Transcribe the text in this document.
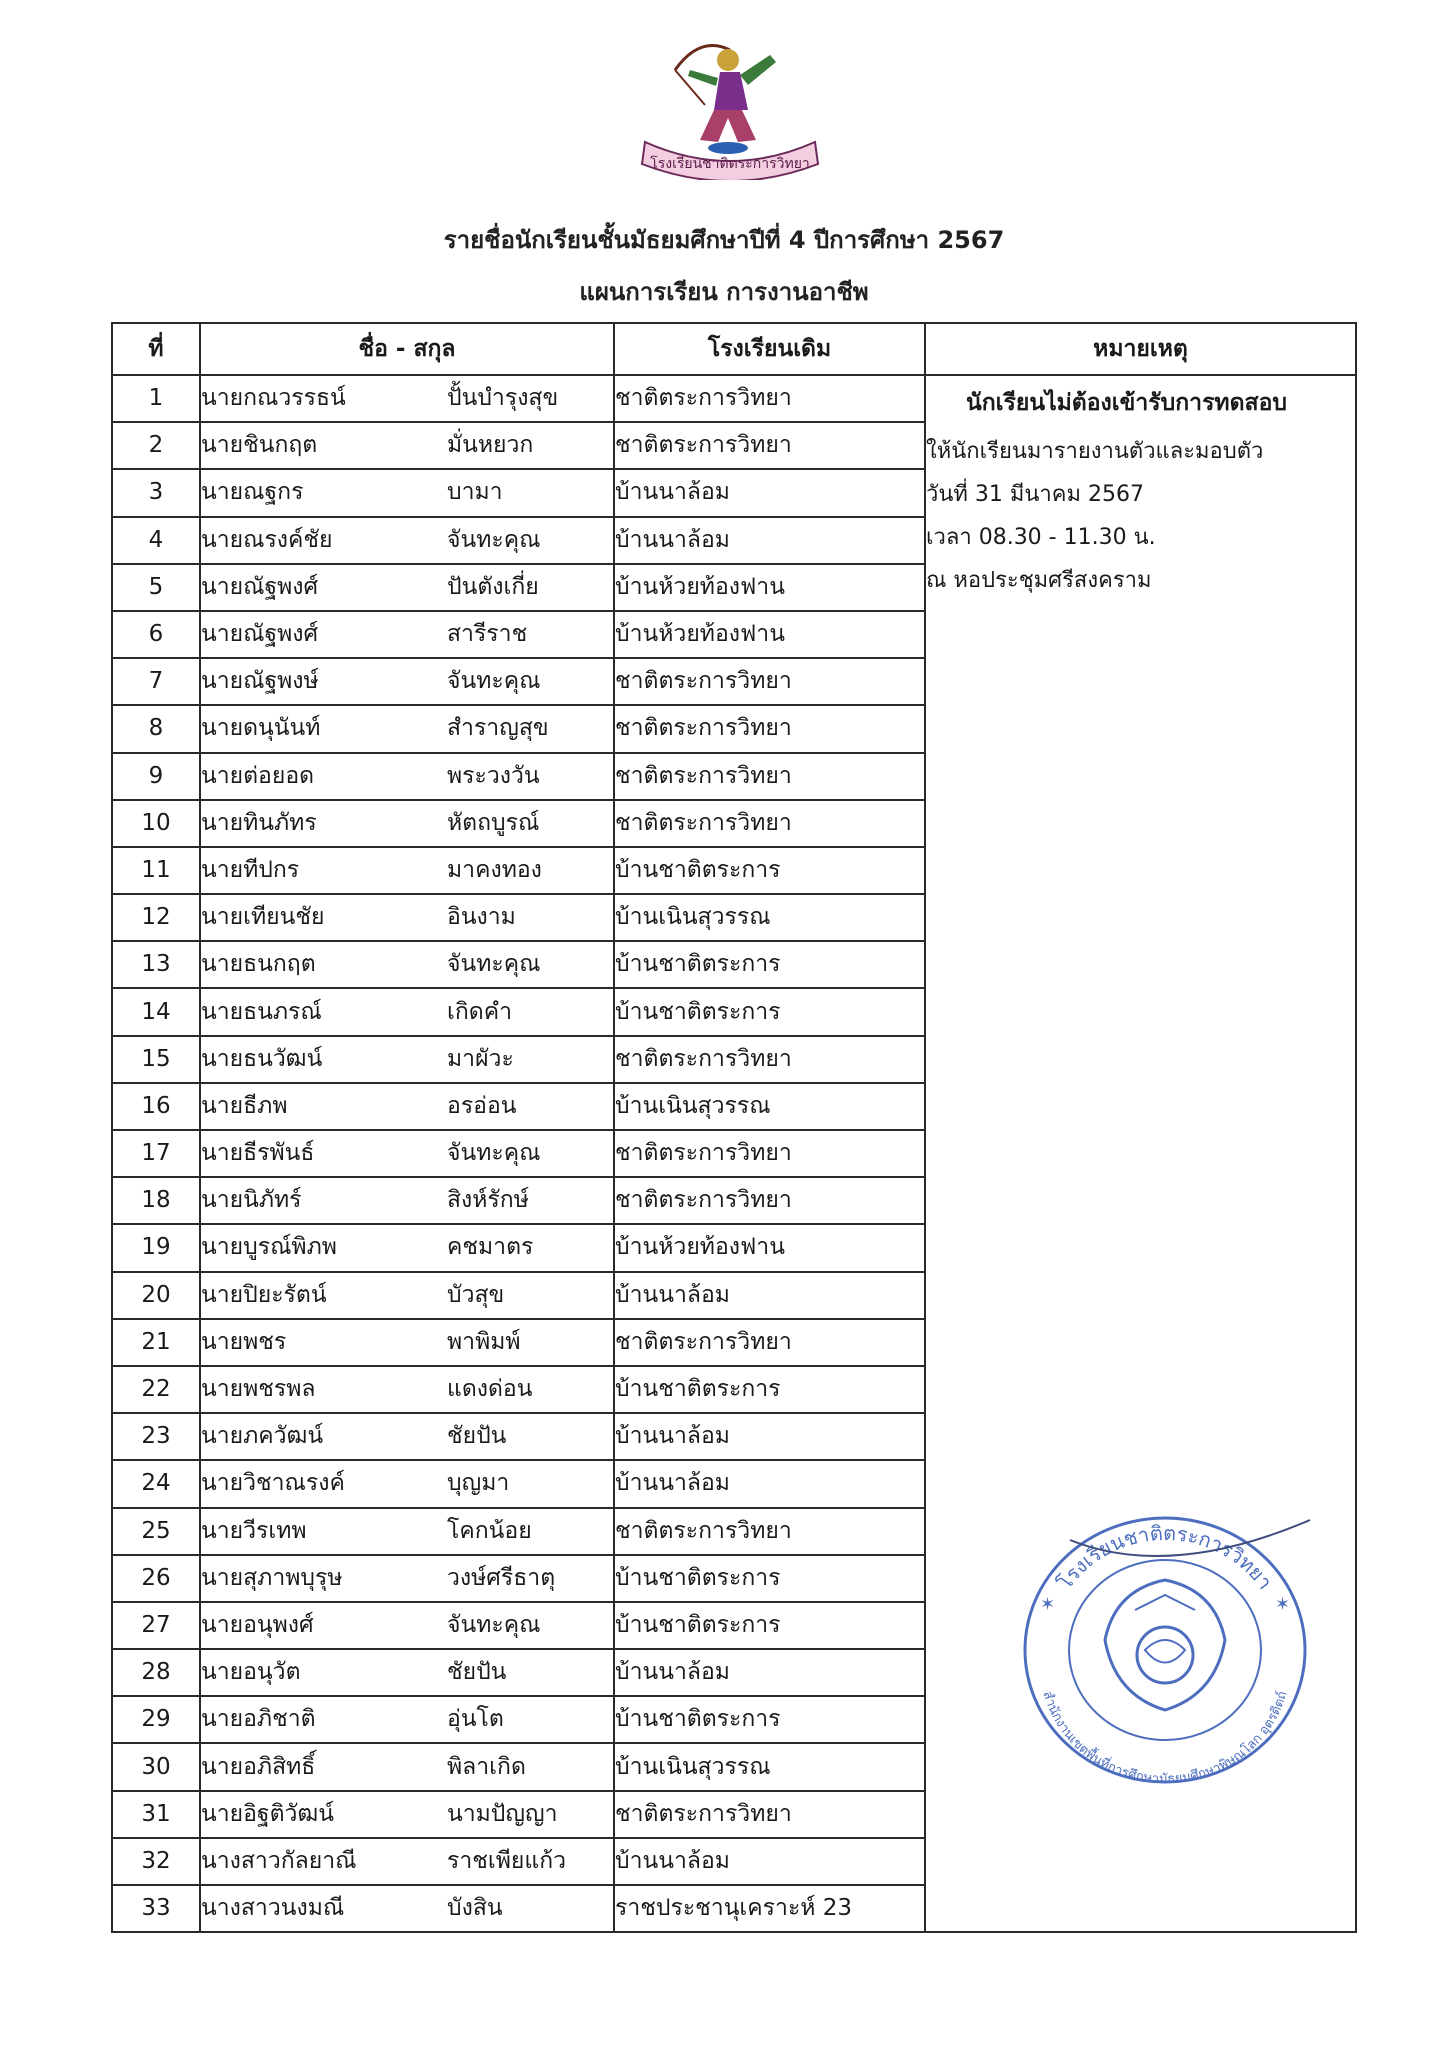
โรงเรียนชาติตระการวิทยา
รายชื่อนักเรียนชั้นมัธยมศึกษาปีที่ 4 ปีการศึกษา 2567
แผนการเรียน การงานอาชีพ
ที่	ชื่อ - สกุล	โรงเรียนเดิม	หมายเหตุ
1	นายกณวรรธน์ ปั้นบำรุงสุข	ชาติตระการวิทยา	นักเรียนไม่ต้องเข้ารับการทดสอบ
ให้นักเรียนมารายงานตัวและมอบตัว
วันที่ 31 มีนาคม 2567
เวลา 08.30 - 11.30 น.
ณ หอประชุมศรีสงคราม

2	นายชินกฤต มั่นหยวก	ชาติตระการวิทยา	
3	นายณฐกร บามา	บ้านนาล้อม	
4	นายณรงค์ชัย จันทะคุณ	บ้านนาล้อม	
5	นายณัฐพงศ์ ปันตังเกี่ย	บ้านห้วยท้องฟาน	
6	นายณัฐพงศ์ สารีราช	บ้านห้วยท้องฟาน	
7	นายณัฐพงษ์ จันทะคุณ	ชาติตระการวิทยา	
8	นายดนุนันท์ สำราญสุข	ชาติตระการวิทยา	
9	นายต่อยอด พระวงวัน	ชาติตระการวิทยา	
10	นายทินภัทร หัตถบูรณ์	ชาติตระการวิทยา	
11	นายทีปกร มาคงทอง	บ้านชาติตระการ	
12	นายเทียนชัย อินงาม	บ้านเนินสุวรรณ	
13	นายธนกฤต จันทะคุณ	บ้านชาติตระการ	
14	นายธนภรณ์ เกิดคำ	บ้านชาติตระการ	
15	นายธนวัฒน์ มาผัวะ	ชาติตระการวิทยา	
16	นายธีภพ อรอ่อน	บ้านเนินสุวรรณ	
17	นายธีรพันธ์ จันทะคุณ	ชาติตระการวิทยา	
18	นายนิภัทร์ สิงห์รักษ์	ชาติตระการวิทยา	
19	นายบูรณ์พิภพ คชมาตร	บ้านห้วยท้องฟาน	
20	นายปิยะรัตน์ บัวสุข	บ้านนาล้อม	
21	นายพชร พาพิมพ์	ชาติตระการวิทยา	
22	นายพชรพล แดงด่อน	บ้านชาติตระการ	
23	นายภควัฒน์ ชัยปัน	บ้านนาล้อม	
24	นายวิชาณรงค์ บุญมา	บ้านนาล้อม	
25	นายวีรเทพ โคกน้อย	ชาติตระการวิทยา	
26	นายสุภาพบุรุษ วงษ์ศรีธาตุ	บ้านชาติตระการ	
27	นายอนุพงศ์ จันทะคุณ	บ้านชาติตระการ	
28	นายอนุวัต ชัยปัน	บ้านนาล้อม	
29	นายอภิชาติ อุ่นโต	บ้านชาติตระการ	
30	นายอภิสิทธิ์ พิลาเกิด	บ้านเนินสุวรรณ	
31	นายอิฐติวัฒน์ นามปัญญา	ชาติตระการวิทยา	
32	นางสาวกัลยาณี ราชเพียแก้ว	บ้านนาล้อม	
33	นางสาวนงมณี บังสิน	ราชประชานุเคราะห์ 23	
โรงเรียนชาติตระการวิทยา
สำนักงานเขตพื้นที่การศึกษามัธยมศึกษาพิษณุโลก อุตรดิตถ์
✶	✶
